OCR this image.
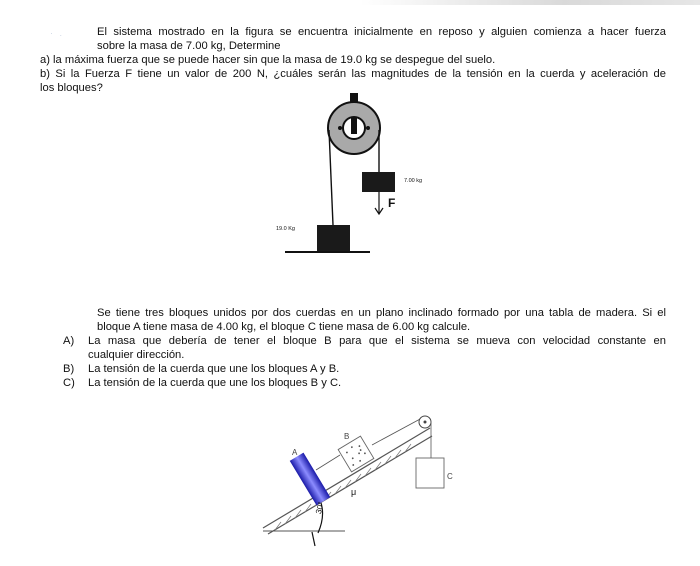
· .	El sistema mostrado en la figura se encuentra inicialmente en reposo y alguien comienza a hacer fuerza
sobre la masa de 7.00 kg, Determine
a) la máxima fuerza que se puede hacer sin que la masa de 19.0 kg se despegue del suelo.
b) Si la Fuerza F tiene un valor de 200 N, ¿cuáles serán las magnitudes de la tensión en la cuerda y aceleración de
los bloques?
7.00 kg
F
19.0 Kg
Se tiene tres bloques unidos por dos cuerdas en un plano inclinado formado por una tabla de madera. Si el
bloque A tiene masa de 4.00 kg, el bloque C tiene masa de 6.00 kg calcule.
A)	La masa que debería de tener el bloque B para que el sistema se mueva con velocidad constante en
cualquier dirección.
B)	La tensión de la cuerda que une los bloques A y B.
C)	La tensión de la cuerda que une los bloques B y C.
A
B
C
μ
30°
